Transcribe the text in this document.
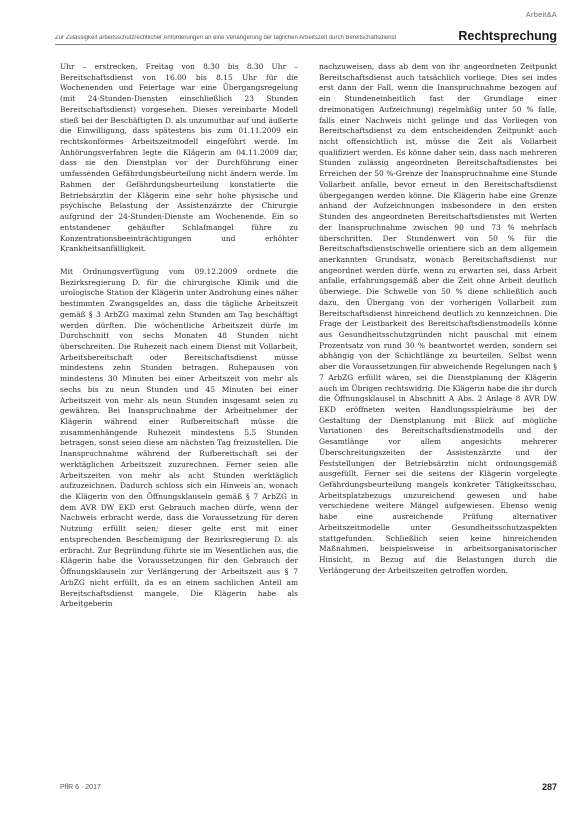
Arbeit&A
Zur Zulässigkeit arbeitsschutzrechtlicher Anforderungen an eine Verlängerung der täglichen Arbeitszeit durch Bereitschaftsdienst	Rechtsprechung

Uhr – erstrecken, Freitag von 8.30 bis 8.30 Uhr – Bereitschaftsdienst von 16.00 bis 8.15 Uhr für die Wochenenden und Feiertage war eine Übergangsregelung (mit 24-Stunden-Diensten einschließlich 23 Stunden Bereitschaftsdienst) vorgesehen. Dieses vereinbarte Modell stieß bei der Beschäftigten D. als unzumutbar auf und äußerte die Einwilligung, dass spätestens bis zum 01.11.2009 ein rechtskonformes Arbeitszeitmodell eingeführt werde. Im Anhörungsverfahren legte die Klägerin am 04.11.2009 dar, dass sie den Dienstplan vor der Durchführung einer umfassenden Gefährdungsbeurteilung nicht ändern werde. Im Rahmen der Gefährdungsbeurteilung konstatierte die Betriebsärztin der Klägerin eine sehr hohe physische und psychische Belastung der Assistenzärzte der Chirurgie aufgrund der 24-Stunden-Dienste am Wochenende. Ein so entstandener gehäufter Schlafmangel führe zu Konzentrationsbeeinträchtigungen und erhöhter Krankheitsanfälligkeit.

Mit Ordnungsverfügung vom 09.12.2009 ordnete die Bezirksregierung D. für die chirurgische Klinik und die urologische Station der Klägerin unter Androhung eines näher bestimmten Zwangsgeldes an, dass die tägliche Arbeitszeit gemäß § 3 ArbZG maximal zehn Stunden am Tag beschäftigt werden dürften. Die wöchentliche Arbeitszeit dürfe im Durchschnitt von sechs Monaten 48 Stunden nicht überschreiten. Die Ruhezeit nach einem Dienst mit Vollarbeit, Arbeitsbereitschaft oder Bereitschaftsdienst müsse mindestens zehn Stunden betragen. Ruhepausen von mindestens 30 Minuten bei einer Arbeitszeit von mehr als sechs bis zu neun Stunden und 45 Minuten bei einer Arbeitszeit von mehr als neun Stunden insgesamt seien zu gewähren. Bei Inanspruchnahme der Arbeitnehmer der Klägerin während einer Rufbereitschaft müsse die zusammenhängende Ruhezeit mindestens 5,5 Stunden betragen, sonst seien diese am nächsten Tag freizustellen. Die Inanspruchnahme während der Rufbereitschaft sei der werktäglichen Arbeitszeit zuzurechnen. Ferner seien alle Arbeitszeiten von mehr als acht Stunden werktäglich aufzuzeichnen. Dadurch schloss sich ein Hinweis an, wonach die Klägerin von den Öffnungsklauseln gemäß § 7 ArbZG in dem AVR DW EKD erst Gebrauch machen dürfe, wenn der Nachweis erbracht werde, dass die Voraussetzung für deren Nutzung erfüllt seien; dieser gelte erst mit einer entsprechenden Bescheinigung der Bezirksregierung D. als erbracht. Zur Begründung führte sie im Wesentlichen aus, die Klägerin habe die Voraussetzungen für den Gebrauch der Öffnungsklauseln zur Verlängerung der Arbeitszeit aus § 7 ArbZG nicht erfüllt, da es an einem sachlichen Anteil am Bereitschaftsdienst mangele. Die Klägerin habe als Arbeitgeberin

nachzuweisen, dass ab dem von ihr angeordneten Zeitpunkt Bereitschaftsdienst auch tatsächlich vorliege. Dies sei indes erst dann der Fall, wenn die Inanspruchnahme bezogen auf ein Stundeneinheitlich fast der Grundlage einer dreimonatigen Aufzeichnung) regelmäßig unter 50 % falle, falls einer Nachweis nicht gelinge und das Vorliegen von Bereitschaftsdienst zu dem entscheidenden Zeitpunkt auch nicht offensichtlich ist, müsse die Zeit als Vollarbeit qualifiziert werden. Es könne daher sein, dass nach mehreren Stunden zulässig angeordneten Bereitschaftsdienstes bei Erreichen der 50 %-Grenze der Inanspruchnahme eine Stunde Vollarbeit anfalle, bevor erneut in den Bereitschaftsdienst übergegangen werden könne. Die Klägerin habe eine Grenze anhand der Aufzeichnungen insbesondere in den ersten Stunden des angeordneten Bereitschaftsdienstes mit Werten der Inanspruchnahme zwischen 90 und 73 % mehrfach überschritten. Der Stundenwert von 50 % für die Bereitschaftsdienstschwelle orientiere sich an dem allgemein anerkannten Grundsatz, wonach Bereitschaftsdienst nur angeordnet werden dürfe, wenn zu erwarten sei, dass Arbeit anfalle, erfahrungsgemäß aber die Zeit ohne Arbeit deutlich überwiege. Die Schwelle von 50 % diene schließlich auch dazu, den Übergang von der vorherigen Vollarbeit zum Bereitschaftsdienst hinreichend deutlich zu kennzeichnen. Die Frage der Leistbarkeit des Bereitschaftsdienstmodells könne aus Gesundheitsschutzgründen nicht pauschal mit einem Prozentsatz von rund 30 % beantwortet werden, sondern sei abhängig von der Schichtlänge zu beurteilen. Selbst wenn aber die Voraussetzungen für abweichende Regelungen nach § 7 ArbZG erfüllt wären, sei die Dienstplanung der Klägerin auch im Übrigen rechtswidrig. Die Klägerin habe die ihr durch die Öffnungsklausel in Abschnitt A Abs. 2 Anlage 8 AVR DW EKD eröffneten weiten Handlungsspielräume bei der Gestaltung der Dienstplanung mit Blick auf mögliche Variationen des Bereitschaftsdienstmodells und der Gesamtlänge vor allem angesichts mehrerer Überschreitungszeiten der Assistenzärzte und der Feststellungen der Betriebsärztin nicht ordnungsgemäß ausgefüllt. Ferner sei die seitens der Klägerin vorgelegte Gefährdungsbeurteilung mangels konkreter Tätigkeitsschau, Arbeitsplatzbezugs unzureichend gewesen und habe verschiedene weitere Mängel aufgewiesen. Ebenso wenig habe eine ausreichende Prüfung alternativer Arbeitszeitmodelle unter Gesundheitsschutzaspekten stattgefunden. Schließlich seien keine hinreichenden Maßnahmen, beispielsweise in arbeitsorganisatorischer Hinsicht, in Bezug auf die Belastungen durch die Verlängerung der Arbeitszeiten getroffen worden.

PflR 6 · 2017	287
